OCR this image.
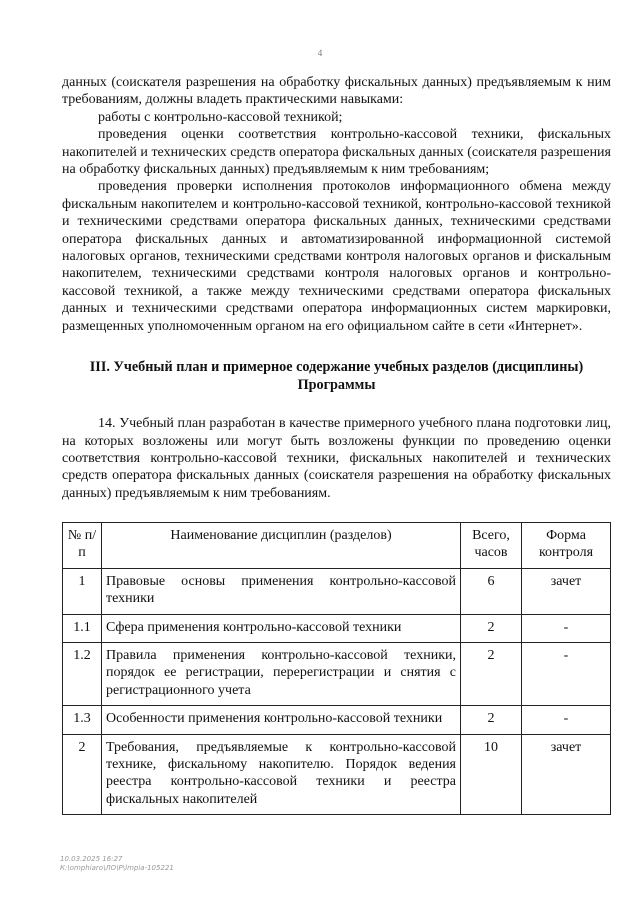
4

данных (соискателя разрешения на обработку фискальных данных) предъявляемым к ним требованиям, должны владеть практическими навыками:

работы с контрольно-кассовой техникой;

проведения оценки соответствия контрольно-кассовой техники, фискальных накопителей и технических средств оператора фискальных данных (соискателя разрешения на обработку фискальных данных) предъявляемым к ним требованиям;

проведения проверки исполнения протоколов информационного обмена между фискальным накопителем и контрольно-кассовой техникой, контрольно-кассовой техникой и техническими средствами оператора фискальных данных, техническими средствами оператора фискальных данных и автоматизированной информационной системой налоговых органов, техническими средствами контроля налоговых органов и фискальным накопителем, техническими средствами контроля налоговых органов и контрольно-кассовой техникой, а также между техническими средствами оператора фискальных данных и техническими средствами оператора информационных систем маркировки, размещенных уполномоченным органом на его официальном сайте в сети «Интернет».

III. Учебный план и примерное содержание учебных разделов (дисциплины)
Программы

14. Учебный план разработан в качестве примерного учебного плана подготовки лиц, на которых возложены или могут быть возложены функции по проведению оценки соответствия контрольно-кассовой техники, фискальных накопителей и технических средств оператора фискальных данных (соискателя разрешения на обработку фискальных данных) предъявляемым к ним требованиям.

№ п/п	Наименование дисциплин (разделов)	Всего, часов	Форма контроля
1	Правовые основы применения контрольно-кассовой техники	6	зачет
1.1	Сфера применения контрольно-кассовой техники	2	-
1.2	Правила применения контрольно-кассовой техники, порядок ее регистрации, перерегистрации и снятия с регистрационного учета	2	-
1.3	Особенности применения контрольно-кассовой техники	2	-
2	Требования, предъявляемые к контрольно-кассовой технике, фискальному накопителю. Порядок ведения реестра контрольно-кассовой техники и реестра фискальных накопителей	10	зачет
10.03.2025 16:27
К:\omphiaro\ЛО\Р\lmpia-105221
